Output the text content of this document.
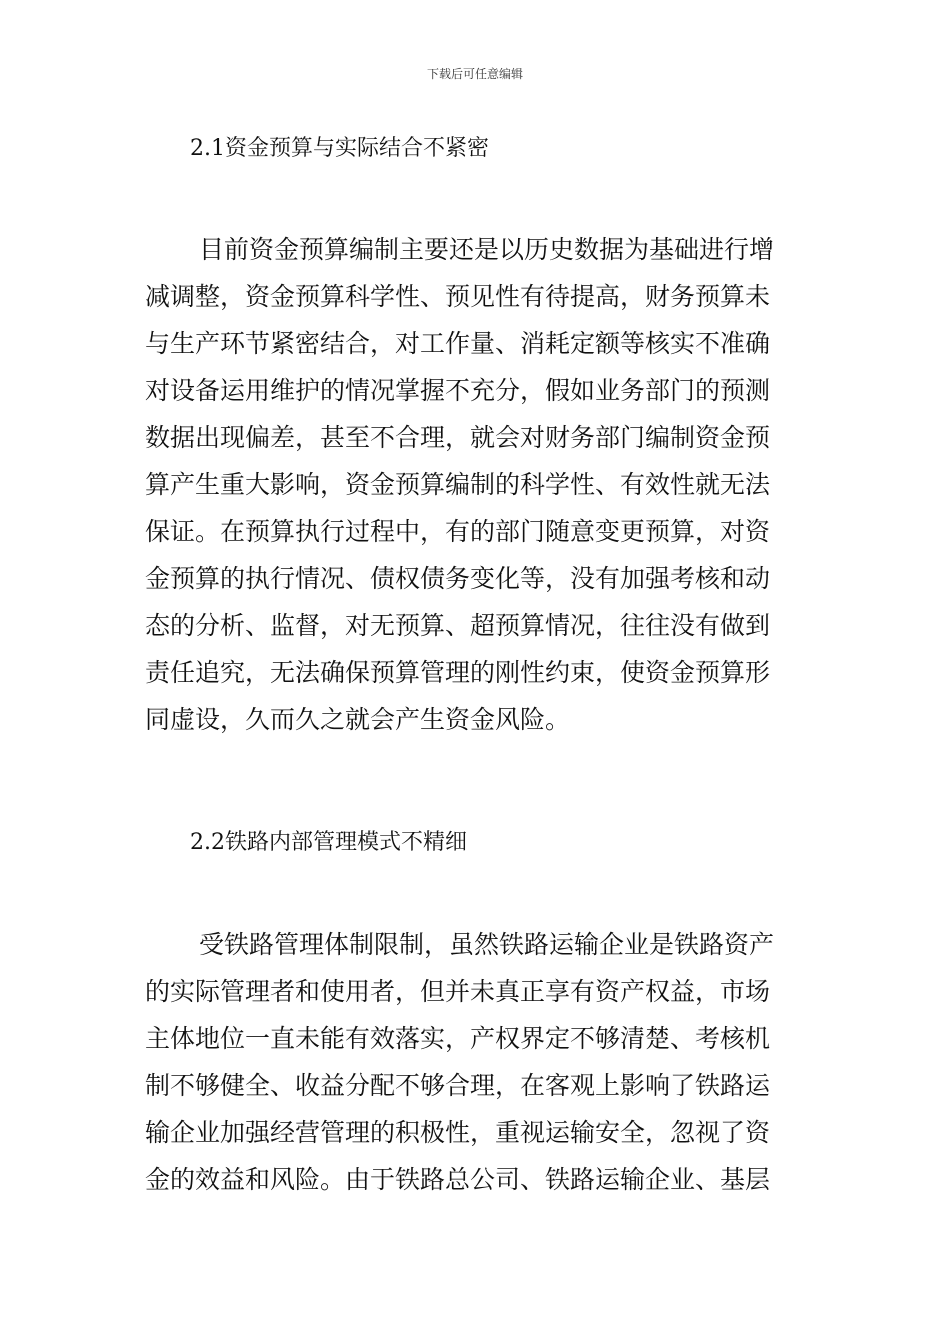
下载后可任意编辑
2.1资金预算与实际结合不紧密
目前资金预算编制主要还是以历史数据为基础进行增
减调整，资金预算科学性、预见性有待提高，财务预算未
与生产环节紧密结合，对工作量、消耗定额等核实不准确
对设备运用维护的情况掌握不充分，假如业务部门的预测
数据出现偏差，甚至不合理，就会对财务部门编制资金预
算产生重大影响，资金预算编制的科学性、有效性就无法
保证。在预算执行过程中，有的部门随意变更预算，对资
金预算的执行情况、债权债务变化等，没有加强考核和动
态的分析、监督，对无预算、超预算情况，往往没有做到
责任追究，无法确保预算管理的刚性约束，使资金预算形
同虚设，久而久之就会产生资金风险。
2.2铁路内部管理模式不精细
受铁路管理体制限制，虽然铁路运输企业是铁路资产
的实际管理者和使用者，但并未真正享有资产权益，市场
主体地位一直未能有效落实，产权界定不够清楚、考核机
制不够健全、收益分配不够合理，在客观上影响了铁路运
输企业加强经营管理的积极性，重视运输安全，忽视了资
金的效益和风险。由于铁路总公司、铁路运输企业、基层
